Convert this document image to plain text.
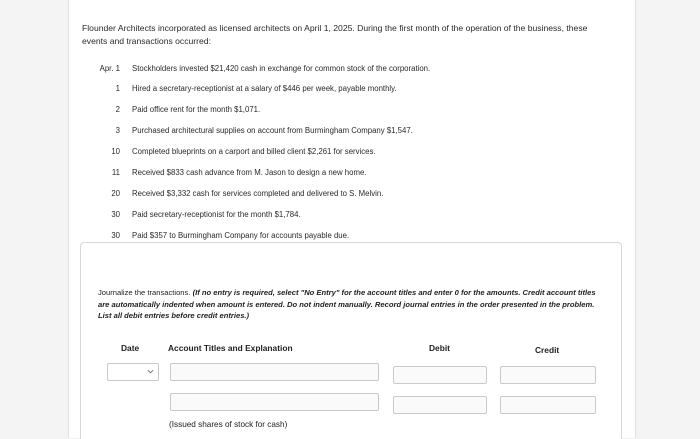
Flounder Architects incorporated as licensed architects on April 1, 2025. During the first month of the operation of the business, these events and transactions occurred:
Apr. 1 Stockholders invested $21,420 cash in exchange for common stock of the corporation.
1 Hired a secretary-receptionist at a salary of $446 per week, payable monthly.
2 Paid office rent for the month $1,071.
3 Purchased architectural supplies on account from Burmingham Company $1,547.
10 Completed blueprints on a carport and billed client $2,261 for services.
11 Received $833 cash advance from M. Jason to design a new home.
20 Received $3,332 cash for services completed and delivered to S. Melvin.
30 Paid secretary-receptionist for the month $1,784.
30 Paid $357 to Burmingham Company for accounts payable due.
Journalize the transactions. (If no entry is required, select "No Entry" for the account titles and enter 0 for the amounts. Credit account titles are automatically indented when amount is entered. Do not indent manually. Record journal entries in the order presented in the problem. List all debit entries before credit entries.)
Date	Account Titles and Explanation	Debit	Credit
(Issued shares of stock for cash)
